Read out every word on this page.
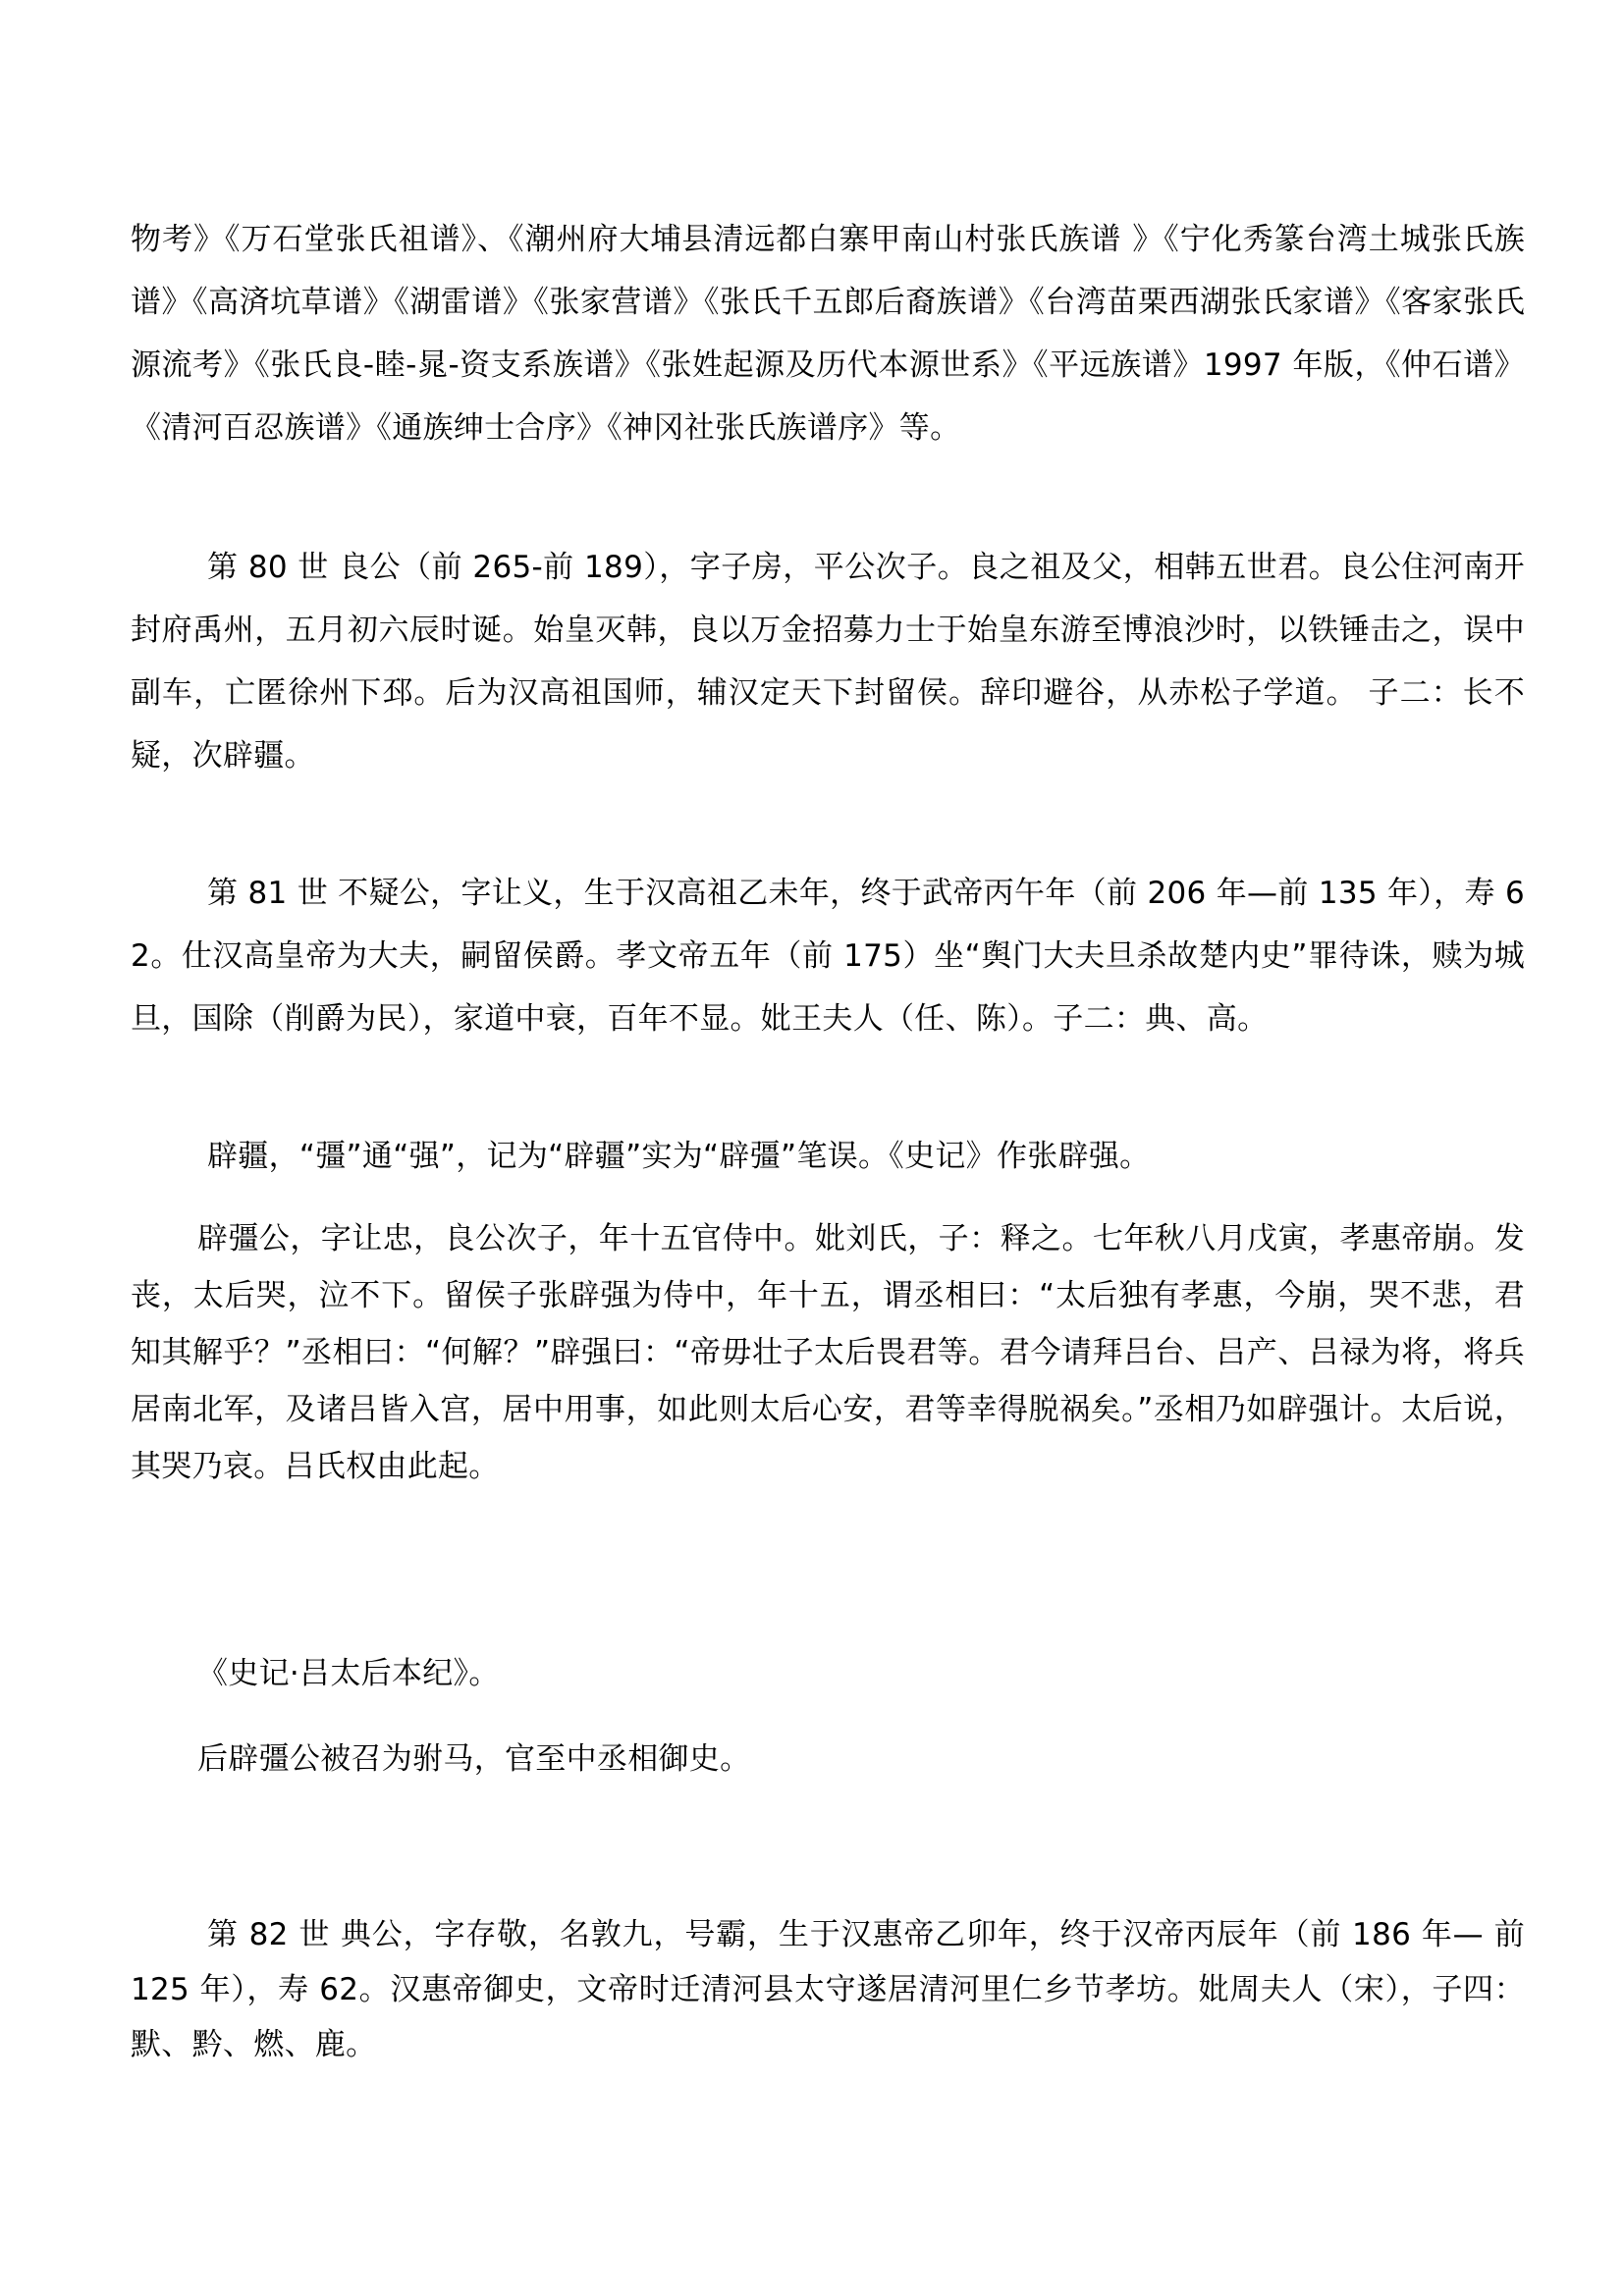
物考》《万石堂张氏祖谱》、《潮州府大埔县清远都白寨甲南山村张氏族谱 》《宁化秀篆台湾土城张氏族谱》《高済坑草谱》《湖雷谱》《张家营谱》《张氏千五郎后裔族谱》《台湾苗栗西湖张氏家谱》《客家张氏源流考》《张氏良-睦-晁-资支系族谱》《张姓起源及历代本源世系》《平远族谱》1997 年版，《仲石谱》《清河百忍族谱》《通族绅士合序》《神冈社张氏族谱序》等。

第 80 世 良公（前 265-前 189），字子房，平公次子。良之祖及父，相韩五世君。良公住河南开封府禹州，五月初六辰时诞。始皇灭韩，良以万金招募力士于始皇东游至博浪沙时，以铁锤击之，误中副车，亡匿徐州下邳。后为汉高祖国师，辅汉定天下封留侯。辞印避谷，从赤松子学道。 子二：长不疑，次辟疆。

第 81 世 不疑公，字让义，生于汉高祖乙未年，终于武帝丙午年（前 206 年—前 135 年），寿 62。仕汉高皇帝为大夫，嗣留侯爵。孝文帝五年（前 175）坐“舆门大夫旦杀故楚内史”罪待诛，赎为城旦，国除（削爵为民），家道中衰，百年不显。妣王夫人（任、陈）。子二：典、高。

辟疆，“彊”通“强”，记为“辟疆”实为“辟彊”笔误。《史记》作张辟强。

辟彊公，字让忠，良公次子，年十五官侍中。妣刘氏，子：释之。七年秋八月戊寅，孝惠帝崩。发丧，太后哭，泣不下。留侯子张辟强为侍中，年十五，谓丞相曰：“太后独有孝惠，今崩，哭不悲，君知其解乎？”丞相曰：“何解？”辟强曰：“帝毋壮子太后畏君等。君今请拜吕台、吕产、吕禄为将，将兵居南北军，及诸吕皆入宫，居中用事，如此则太后心安，君等幸得脱祸矣。”丞相乃如辟强计。太后说，其哭乃哀。吕氏权由此起。

《史记·吕太后本纪》。

后辟彊公被召为驸马，官至中丞相御史。

第 82 世 典公，字存敬，名敦九，号霸，生于汉惠帝乙卯年，终于汉帝丙辰年（前 186 年— 前 125 年），寿 62。汉惠帝御史，文帝时迁清河县太守遂居清河里仁乡节孝坊。妣周夫人（宋），子四：默、黔、燃、鹿。
